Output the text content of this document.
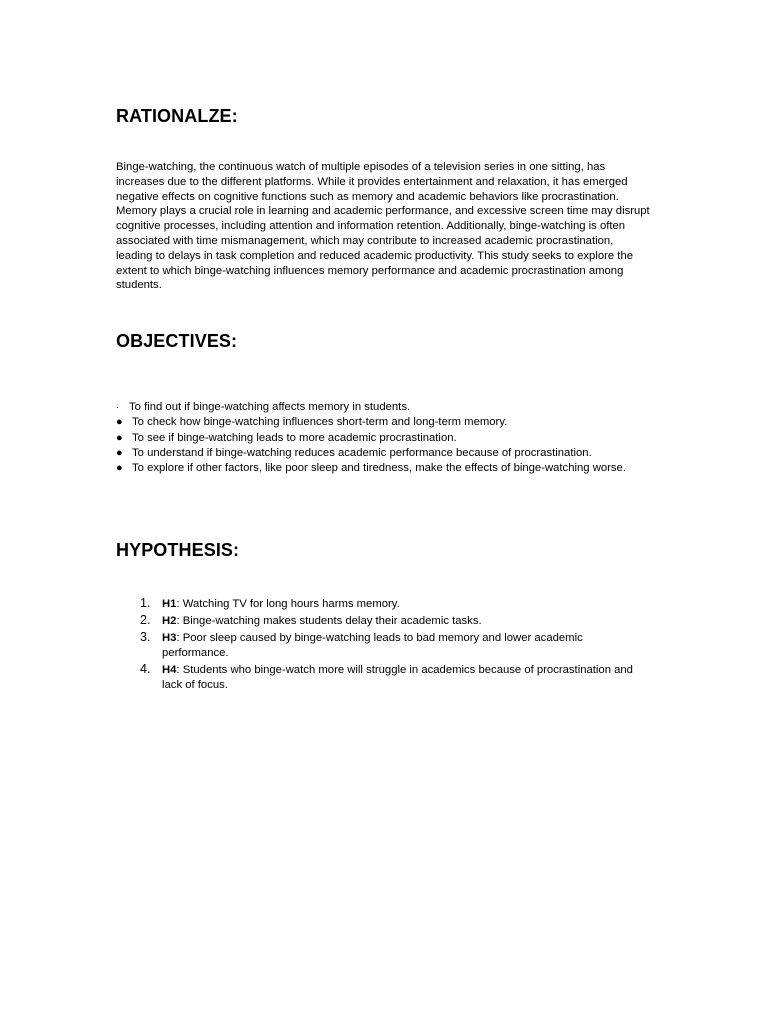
RATIONALZE:

Binge-watching, the continuous watch of multiple episodes of a television series in one sitting, has increases due to the different platforms. While it provides entertainment and relaxation, it has emerged negative effects on cognitive functions such as memory and academic behaviors like procrastination. Memory plays a crucial role in learning and academic performance, and excessive screen time may disrupt cognitive processes, including attention and information retention. Additionally, binge-watching is often associated with time mismanagement, which may contribute to increased academic procrastination, leading to delays in task completion and reduced academic productivity. This study seeks to explore the extent to which binge-watching influences memory performance and academic procrastination among students.

OBJECTIVES:
· To find out if binge-watching affects memory in students.
● To check how binge-watching influences short-term and long-term memory.
● To see if binge-watching leads to more academic procrastination.
● To understand if binge-watching reduces academic performance because of procrastination.
● To explore if other factors, like poor sleep and tiredness, make the effects of binge-watching worse.
HYPOTHESIS:
1. H1: Watching TV for long hours harms memory.
2. H2: Binge-watching makes students delay their academic tasks.
3. H3: Poor sleep caused by binge-watching leads to bad memory and lower academic performance.
4. H4: Students who binge-watch more will struggle in academics because of procrastination and lack of focus.
